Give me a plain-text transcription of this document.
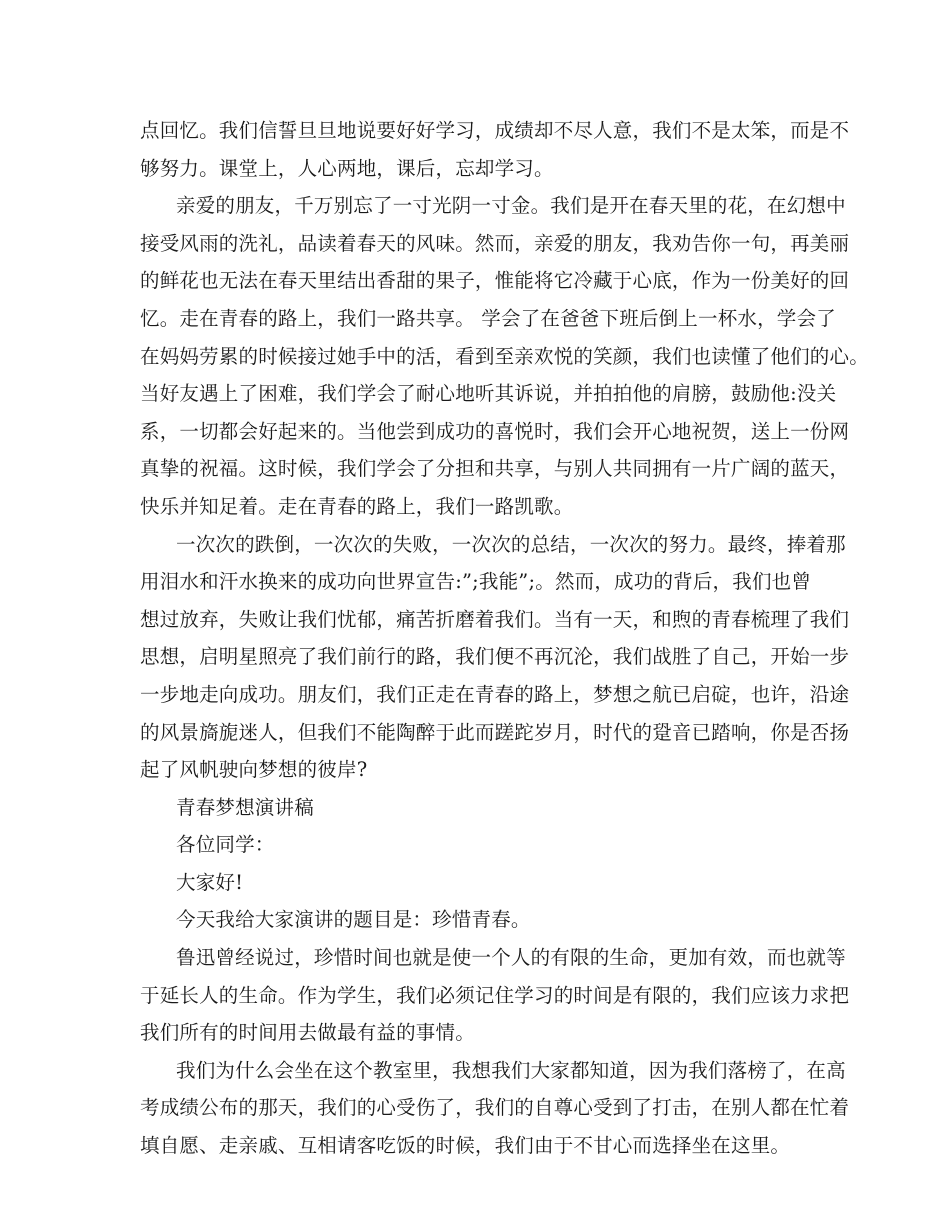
点回忆。我们信誓旦旦地说要好好学习，成绩却不尽人意，我们不是太笨，而是不
够努力。课堂上，人心两地，课后，忘却学习。
亲爱的朋友，千万别忘了一寸光阴一寸金。我们是开在春天里的花，在幻想中
接受风雨的洗礼，品读着春天的风味。然而，亲爱的朋友，我劝告你一句，再美丽
的鲜花也无法在春天里结出香甜的果子，惟能将它冷藏于心底，作为一份美好的回
忆。走在青春的路上，我们一路共享。 学会了在爸爸下班后倒上一杯水，学会了
在妈妈劳累的时候接过她手中的活，看到至亲欢悦的笑颜，我们也读懂了他们的心。
当好友遇上了困难，我们学会了耐心地听其诉说，并拍拍他的肩膀，鼓励他:没关
系，一切都会好起来的。当他尝到成功的喜悦时，我们会开心地祝贺，送上一份网
真挚的祝福。这时候，我们学会了分担和共享，与别人共同拥有一片广阔的蓝天，
快乐并知足着。走在青春的路上，我们一路凯歌。
一次次的跌倒，一次次的失败，一次次的总结，一次次的努力。最终，捧着那
用泪水和汗水换来的成功向世界宣告:”;我能”;。然而，成功的背后，我们也曾
想过放弃，失败让我们忧郁，痛苦折磨着我们。当有一天，和煦的青春梳理了我们
思想，启明星照亮了我们前行的路，我们便不再沉沦，我们战胜了自己，开始一步
一步地走向成功。朋友们，我们正走在青春的路上，梦想之航已启碇，也许，沿途
的风景旖旎迷人，但我们不能陶醉于此而蹉跎岁月，时代的跫音已踏响，你是否扬
起了风帆驶向梦想的彼岸?
青春梦想演讲稿
各位同学：
大家好!
今天我给大家演讲的题目是：珍惜青春。
鲁迅曾经说过，珍惜时间也就是使一个人的有限的生命，更加有效，而也就等
于延长人的生命。作为学生，我们必须记住学习的时间是有限的，我们应该力求把
我们所有的时间用去做最有益的事情。
我们为什么会坐在这个教室里，我想我们大家都知道，因为我们落榜了，在高
考成绩公布的那天，我们的心受伤了，我们的自尊心受到了打击，在别人都在忙着
填自愿、走亲戚、互相请客吃饭的时候，我们由于不甘心而选择坐在这里。
